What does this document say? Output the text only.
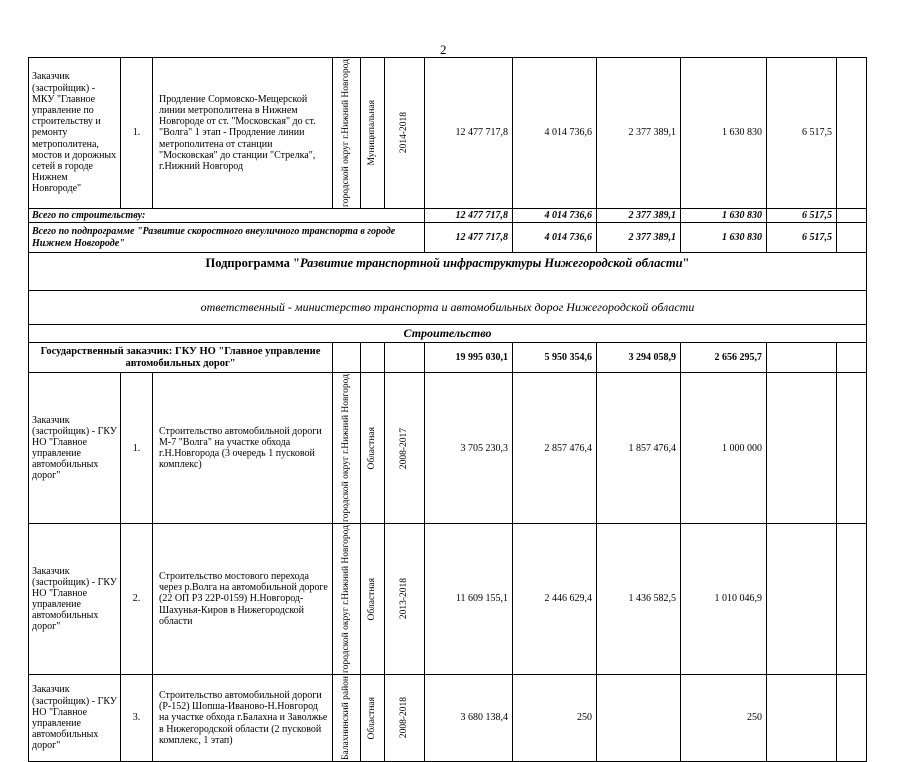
2
Заказчик (застройщик) - МКУ "Главное управление по строительству и ремонту метрополитена, мостов и дорожных сетей в городе Нижнем Новгороде"	1.	Продление Сормовско-Мещерской линии метрополитена в Нижнем Новгороде от ст. "Московская" до ст. "Волга" 1 этап - Продление линии метрополитена от станции "Московская" до станции "Стрелка", г.Нижний Новгород	городской округ г.Нижний Новгород	Муниципальная	2014-2018	12 477 717,8	4 014 736,6	2 377 389,1	1 630 830	6 517,5	
Всего по строительству:						12 477 717,8	4 014 736,6	2 377 389,1	1 630 830	6 517,5	
Всего по подпрограмме "Развитие скоростного внеуличного транспорта в городе Нижнем Новгороде"						12 477 717,8	4 014 736,6	2 377 389,1	1 630 830	6 517,5	
Подпрограмма "Развитие транспортной инфраструктуры Нижегородской области"											
ответственный - министерство транспорта и автомобильных дорог Нижегородской области											
Строительство											
Государственный заказчик: ГКУ НО "Главное управление автомобильных дорог"						19 995 030,1	5 950 354,6	3 294 058,9	2 656 295,7		
Заказчик (застройщик) - ГКУ НО "Главное управление автомобильных дорог"	1.	Строительство автомобильной дороги М-7 "Волга" на участке обхода г.Н.Новгорода (3 очередь 1 пусковой комплекс)	городской округ г.Нижний Новгород	Областная	2008-2017	3 705 230,3	2 857 476,4	1 857 476,4	1 000 000		
Заказчик (застройщик) - ГКУ НО "Главное управление автомобильных дорог"	2.	Строительство мостового перехода через р.Волга на автомобильной дороге (22 ОП РЗ 22Р-0159) Н.Новгород-Шахунья-Киров в Нижегородской области	городской округ г.Нижний Новгород	Областная	2013-2018	11 609 155,1	2 446 629,4	1 436 582,5	1 010 046,9		
Заказчик (застройщик) - ГКУ НО "Главное управление автомобильных дорог"	3.	Строительство автомобильной дороги (Р-152) Шопша-Иваново-Н.Новгород на участке обхода г.Балахна и Заволжье в Нижегородской области (2 пусковой комплекс, 1 этап)	Балахнинский район	Областная	2008-2018	3 680 138,4	250		250		
